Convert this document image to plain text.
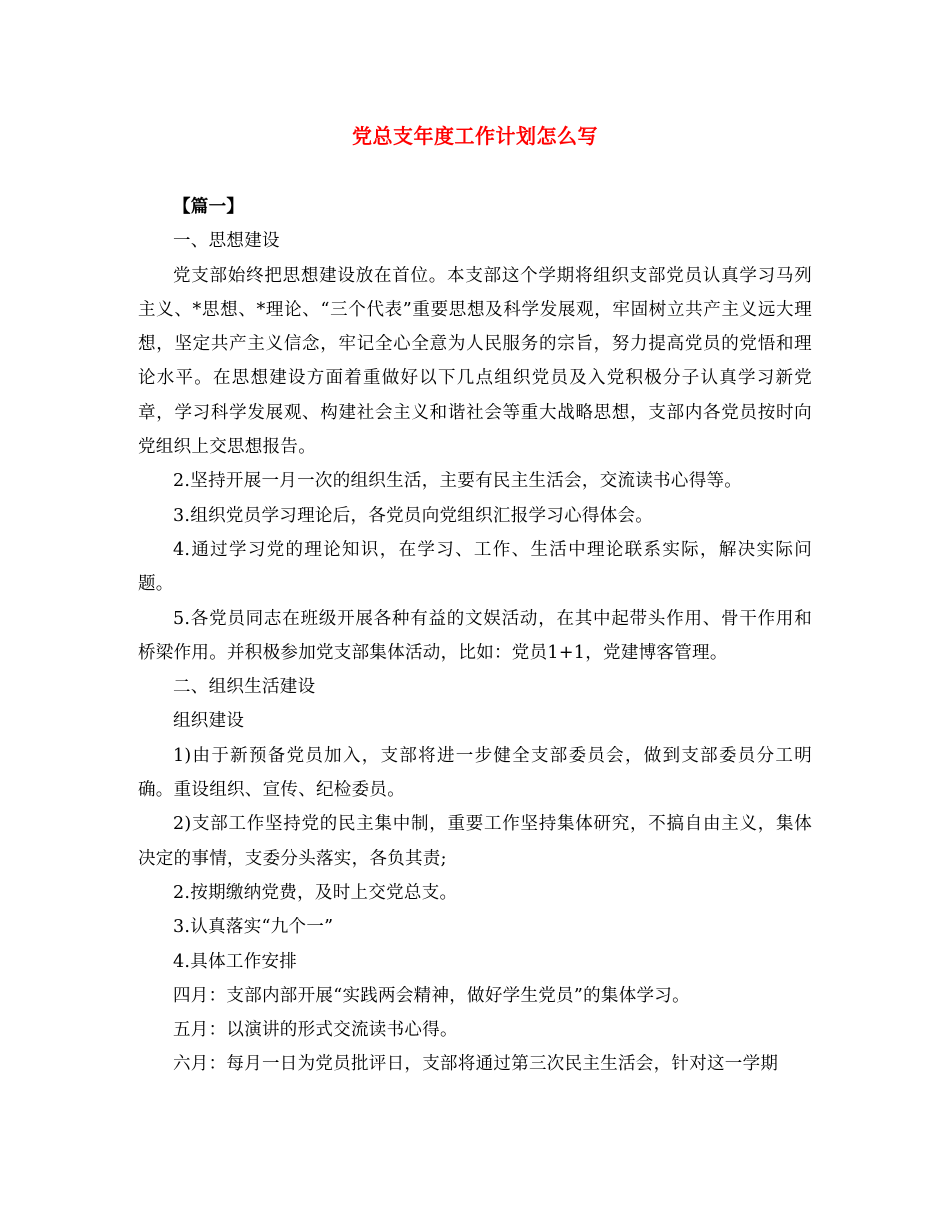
党总支年度工作计划怎么写

【篇一】

一、思想建设

党支部始终把思想建设放在首位。本支部这个学期将组织支部党员认真学习马列主义、*思想、*理论、“三个代表”重要思想及科学发展观，牢固树立共产主义远大理想，坚定共产主义信念，牢记全心全意为人民服务的宗旨，努力提高党员的党悟和理论水平。在思想建设方面着重做好以下几点组织党员及入党积极分子认真学习新党章，学习科学发展观、构建社会主义和谐社会等重大战略思想，支部内各党员按时向党组织上交思想报告。

2.坚持开展一月一次的组织生活，主要有民主生活会，交流读书心得等。

3.组织党员学习理论后，各党员向党组织汇报学习心得体会。

4.通过学习党的理论知识，在学习、工作、生活中理论联系实际，解决实际问题。

5.各党员同志在班级开展各种有益的文娱活动，在其中起带头作用、骨干作用和桥梁作用。并积极参加党支部集体活动，比如：党员1+1，党建博客管理。

二、组织生活建设

组织建设

1)由于新预备党员加入，支部将进一步健全支部委员会，做到支部委员分工明确。重设组织、宣传、纪检委员。

2)支部工作坚持党的民主集中制，重要工作坚持集体研究，不搞自由主义，集体决定的事情，支委分头落实，各负其责;

2.按期缴纳党费，及时上交党总支。

3.认真落实“九个一”

4.具体工作安排

四月：支部内部开展“实践两会精神，做好学生党员”的集体学习。

五月：以演讲的形式交流读书心得。

六月：每月一日为党员批评日，支部将通过第三次民主生活会，针对这一学期
